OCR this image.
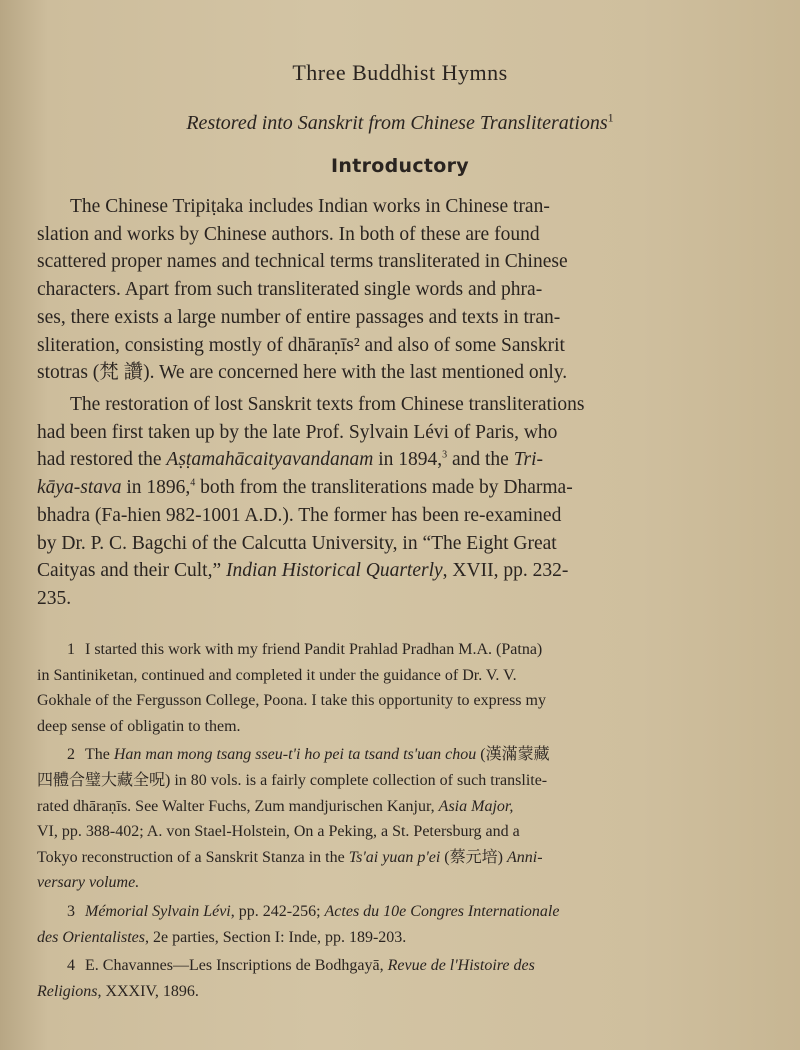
Three Buddhist Hymns
Restored into Sanskrit from Chinese Transliterations$^1$
Introductory
The Chinese Tripiṭaka includes Indian works in Chinese tran-
slation and works by Chinese authors. In both of these are found
scattered proper names and technical terms transliterated in Chinese
characters. Apart from such transliterated single words and phra-
ses, there exists a large number of entire passages and texts in tran-
sliteration, consisting mostly of dhāraṇīs² and also of some Sanskrit
stotras (梵 讚). We are concerned here with the last mentioned only.
The restoration of lost Sanskrit texts from Chinese transliterations
had been first taken up by the late Prof. Sylvain Lévi of Paris, who
had restored the Aṣṭamahācaityavandanam in 1894,$^3$ and the Tri-
kāya-stava in 1896,$^4$ both from the transliterations made by Dharma-
bhadra (Fa-hien 982-1001 A.D.). The former has been re-examined
by Dr. P. C. Bagchi of the Calcutta University, in “The Eight Great
Caityas and their Cult,” Indian Historical Quarterly, XVII, pp. 232-
235.
1 I started this work with my friend Pandit Prahlad Pradhan M.A. (Patna)
in Santiniketan, continued and completed it under the guidance of Dr. V. V.
Gokhale of the Fergusson College, Poona. I take this opportunity to express my
deep sense of obligatin to them.
2 The Han man mong tsang sseu-t'i ho pei ta tsand ts'uan chou (漢滿蒙藏
四體合璧大藏全呪) in 80 vols. is a fairly complete collection of such translite-
rated dhāraṇīs. See Walter Fuchs, Zum mandjurischen Kanjur, Asia Major,
VI, pp. 388-402; A. von Stael-Holstein, On a Peking, a St. Petersburg and a
Tokyo reconstruction of a Sanskrit Stanza in the Ts'ai yuan p'ei (蔡元培) Anni-
versary volume.
3 Mémorial Sylvain Lévi, pp. 242-256; Actes du 10e Congres Internationale
des Orientalistes, 2e parties, Section I: Inde, pp. 189-203.
4 E. Chavannes—Les Inscriptions de Bodhgayā, Revue de l'Histoire des
Religions, XXXIV, 1896.
